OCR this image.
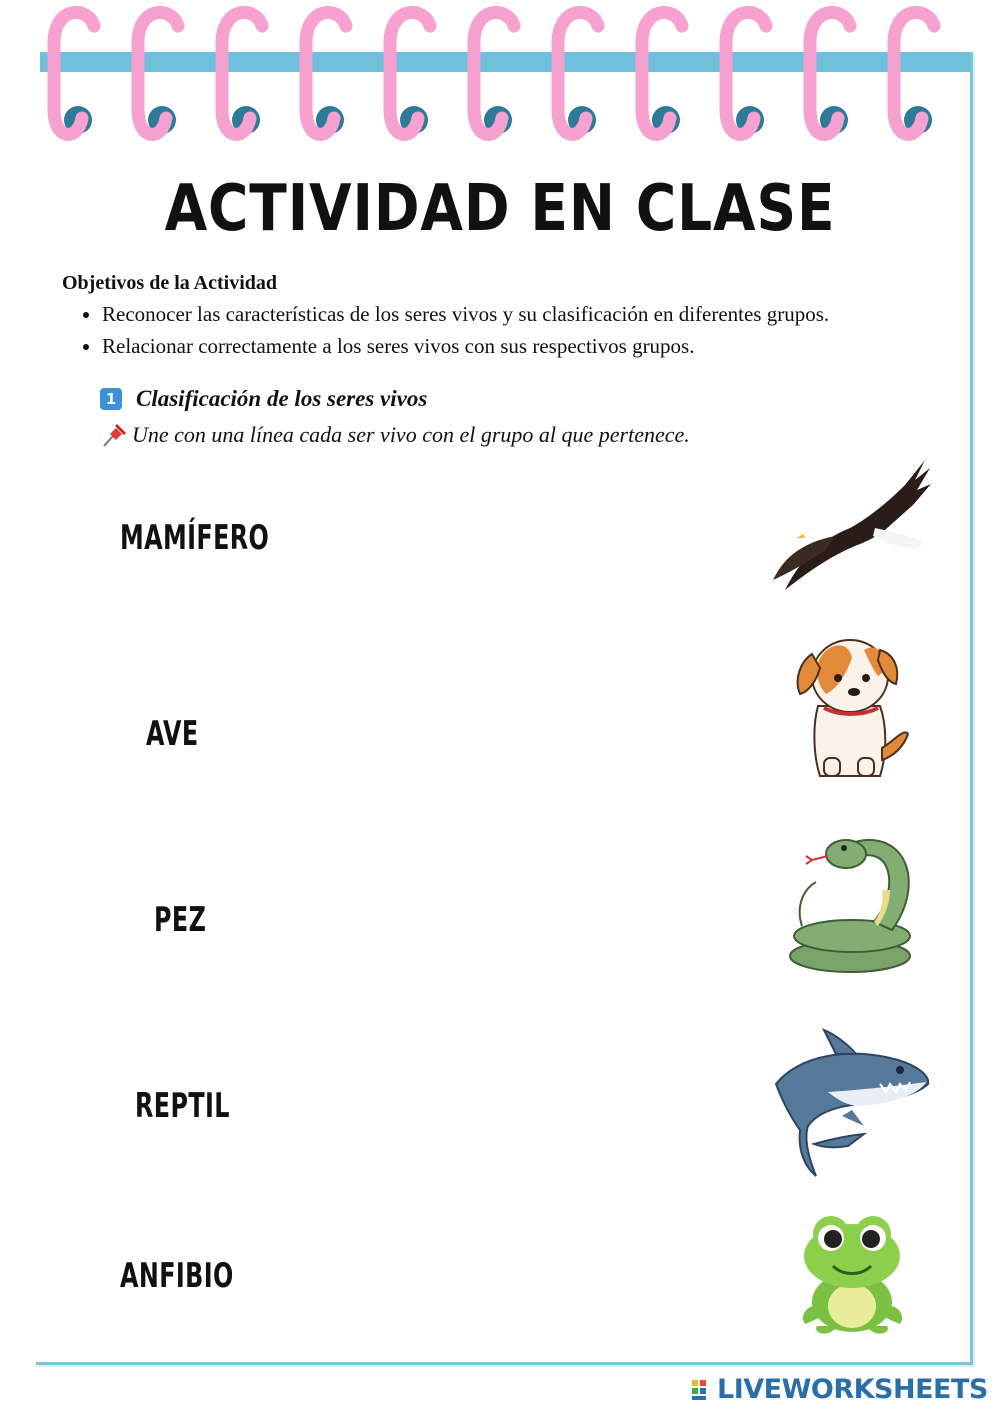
ACTIVIDAD EN CLASE
Objetivos de la Actividad
• Reconocer las características de los seres vivos y su clasificación en diferentes grupos.
• Relacionar correctamente a los seres vivos con sus respectivos grupos.
1 Clasificación de los seres vivos
Une con una línea cada ser vivo con el grupo al que pertenece.
MAMÍFERO
AVE
PEZ
REPTIL
ANFIBIO
LIVEWORKSHEETS
